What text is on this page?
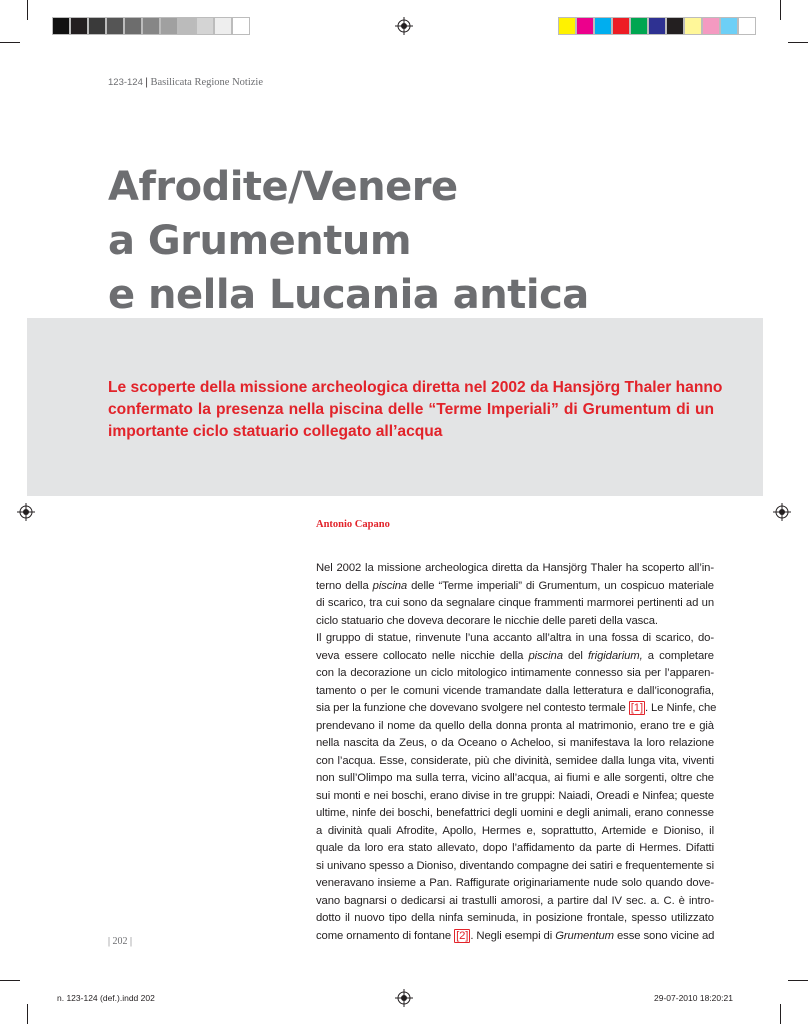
123-124 | Basilicata Regione Notizie
Afrodite/Venere
a Grumentum
e nella Lucania antica
Le scoperte della missione archeologica diretta nel 2002 da Hansjörg Thaler hanno
confermato la presenza nella piscina delle “Terme Imperiali” di Grumentum di un
importante ciclo statuario collegato all’acqua
Antonio Capano
Nel 2002 la missione archeologica diretta da Hansjörg Thaler ha scoperto all’in-
terno della piscina delle “Terme imperiali” di Grumentum, un cospicuo materiale
di scarico, tra cui sono da segnalare cinque frammenti marmorei pertinenti ad un
ciclo statuario che doveva decorare le nicchie delle pareti della vasca.
Il gruppo di statue, rinvenute l’una accanto all’altra in una fossa di scarico, do-
veva essere collocato nelle nicchie della piscina del frigidarium, a completare
con la decorazione un ciclo mitologico intimamente connesso sia per l’apparen-
tamento o per le comuni vicende tramandate dalla letteratura e dall’iconografia,
sia per la funzione che dovevano svolgere nel contesto termale [1] . Le Ninfe, che
prendevano il nome da quello della donna pronta al matrimonio, erano tre e già
nella nascita da Zeus, o da Oceano o Acheloo, si manifestava la loro relazione
con l’acqua. Esse, considerate, più che divinità, semidee dalla lunga vita, viventi
non sull’Olimpo ma sulla terra, vicino all’acqua, ai fiumi e alle sorgenti, oltre che
sui monti e nei boschi, erano divise in tre gruppi: Naiadi, Oreadi e Ninfea; queste
ultime, ninfe dei boschi, benefattrici degli uomini e degli animali, erano connesse
a divinità quali Afrodite, Apollo, Hermes e, soprattutto, Artemide e Dioniso, il
quale da loro era stato allevato, dopo l’affidamento da parte di Hermes. Difatti
si univano spesso a Dioniso, diventando compagne dei satiri e frequentemente si
veneravano insieme a Pan. Raffigurate originariamente nude solo quando dove-
vano bagnarsi o dedicarsi ai trastulli amorosi, a partire dal IV sec. a. C. è intro-
dotto il nuovo tipo della ninfa seminuda, in posizione frontale, spesso utilizzato
come ornamento di fontane [2] . Negli esempi di Grumentum esse sono vicine ad
| 202 |
n. 123-124 (def.).indd 202	29-07-2010 18:20:21
